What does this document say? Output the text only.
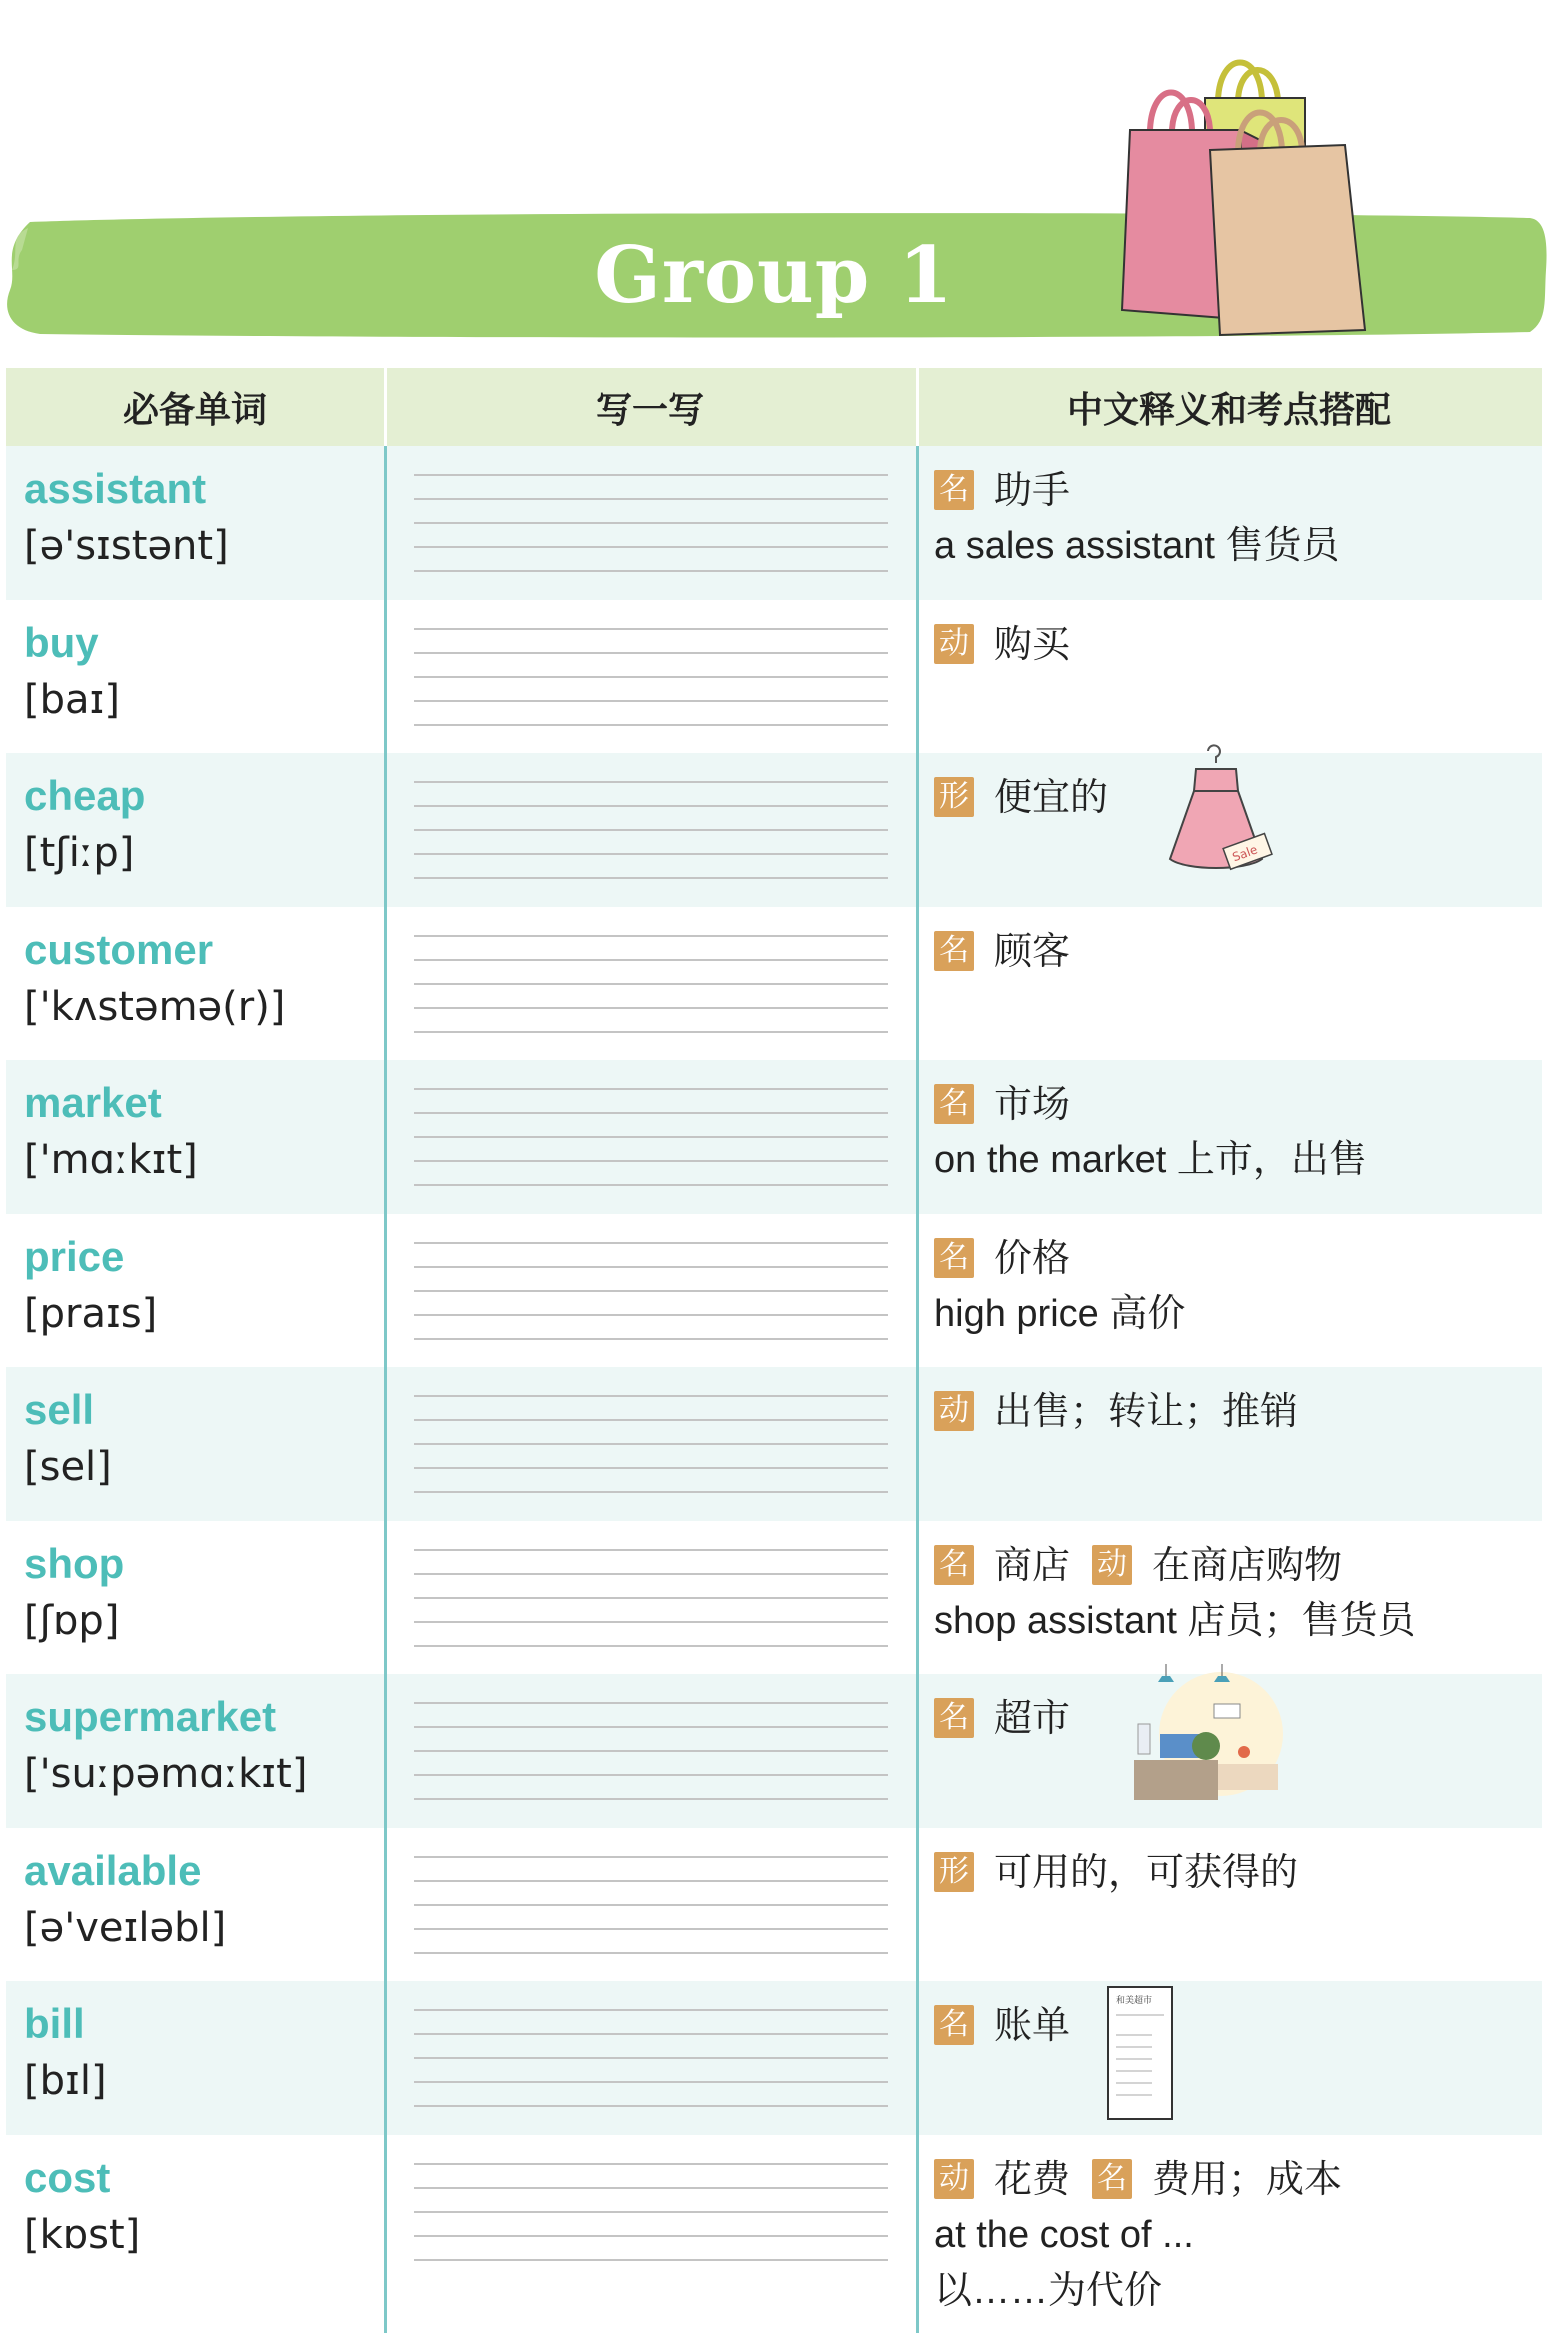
Group 1
必备单词	写一写	中文释义和考点搭配
assistant
[ə'sɪstənt]
名 助手
a sales assistant 售货员
buy
[baɪ]
动 购买
cheap
[tʃiːp]
形 便宜的
Sale
customer
['kʌstəmə(r)]
名 顾客
market
['mɑːkɪt]
名 市场
on the market 上市，出售
price
[praɪs]
名 价格
high price 高价
sell
[sel]
动 出售；转让；推销
shop
[ʃɒp]
名 商店 动 在商店购物
shop assistant 店员；售货员
supermarket
['suːpəmɑːkɪt]
名 超市
available
[ə'veɪləbl]
形 可用的，可获得的
bill
[bɪl]
名 账单
和美超市
cost
[kɒst]
动 花费 名 费用；成本
at the cost of ...
以……为代价
